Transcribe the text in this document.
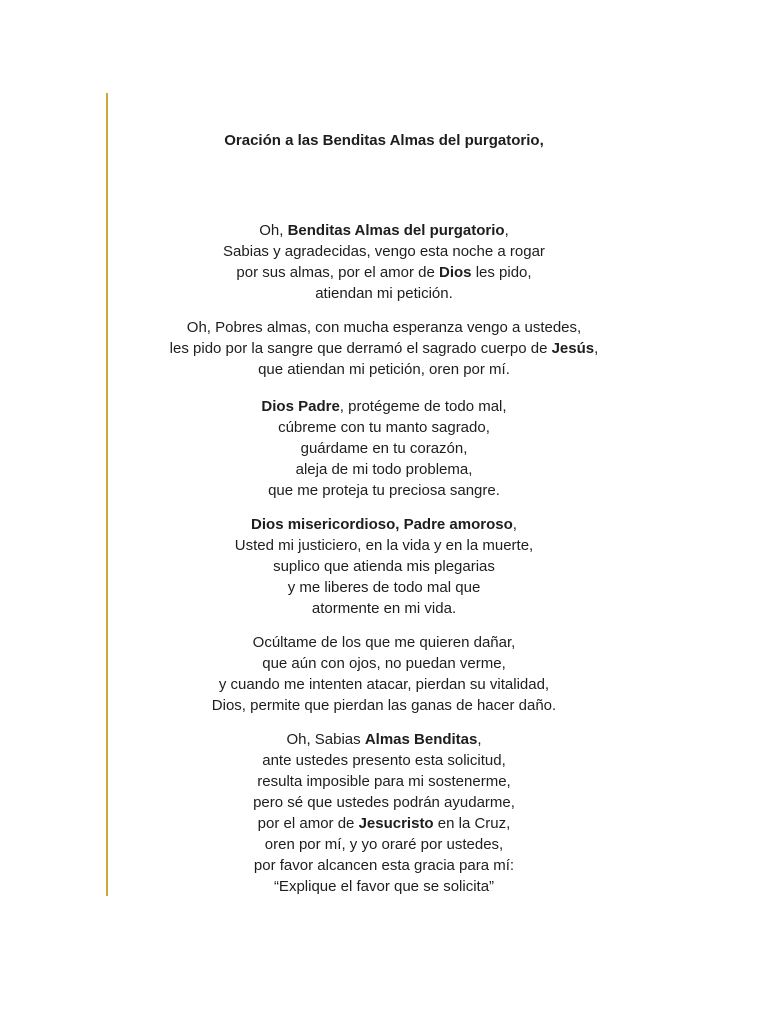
Oración a las Benditas Almas del purgatorio,
Oh, Benditas Almas del purgatorio,
Sabias y agradecidas, vengo esta noche a rogar
por sus almas, por el amor de Dios les pido,
atiendan mi petición.
Oh, Pobres almas, con mucha esperanza vengo a ustedes,
les pido por la sangre que derramó el sagrado cuerpo de Jesús,
que atiendan mi petición, oren por mí.
Dios Padre, protégeme de todo mal,
cúbreme con tu manto sagrado,
guárdame en tu corazón,
aleja de mi todo problema,
que me proteja tu preciosa sangre.
Dios misericordioso, Padre amoroso,
Usted mi justiciero, en la vida y en la muerte,
suplico que atienda mis plegarias
y me liberes de todo mal que
atormente en mi vida.
Ocúltame de los que me quieren dañar,
que aún con ojos, no puedan verme,
y cuando me intenten atacar, pierdan su vitalidad,
Dios, permite que pierdan las ganas de hacer daño.
Oh, Sabias Almas Benditas,
ante ustedes presento esta solicitud,
resulta imposible para mi sostenerme,
pero sé que ustedes podrán ayudarme,
por el amor de Jesucristo en la Cruz,
oren por mí, y yo oraré por ustedes,
por favor alcancen esta gracia para mí:
“Explique el favor que se solicita”
